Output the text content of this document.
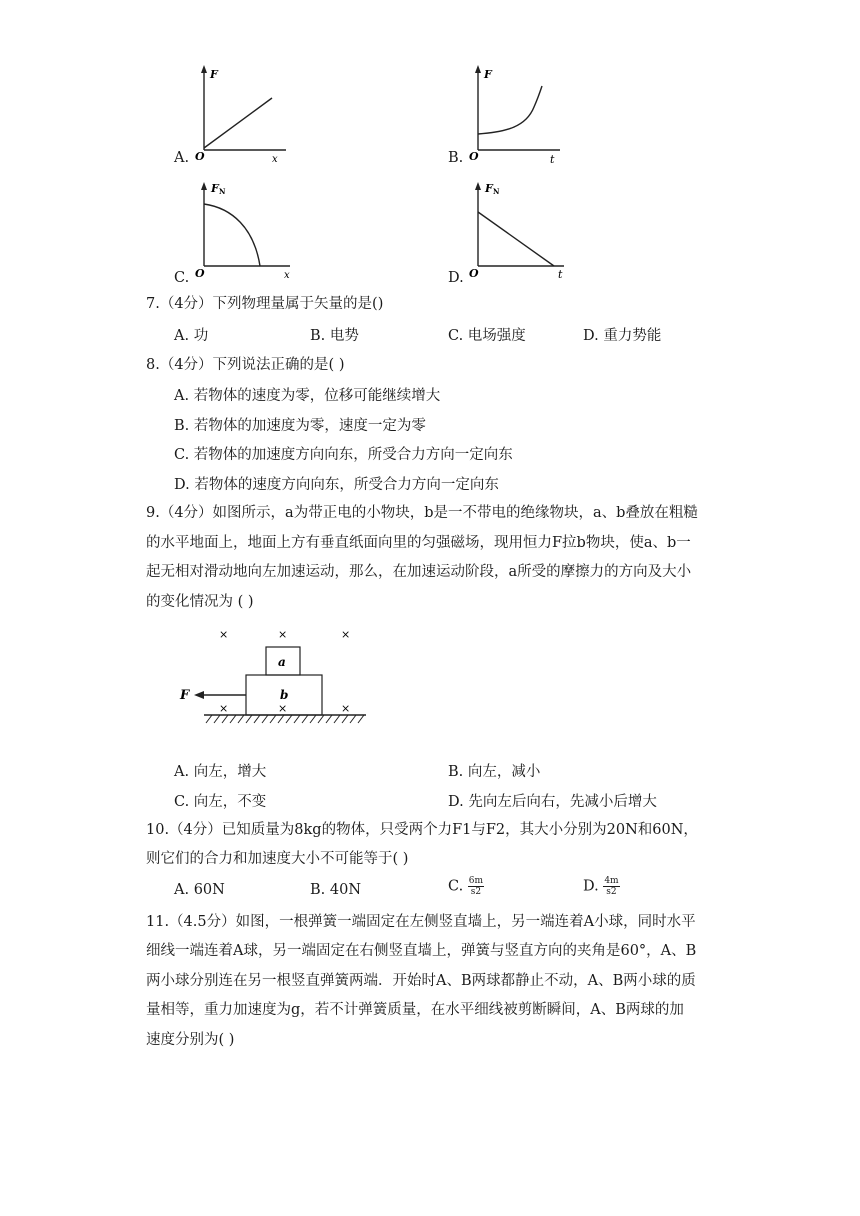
A.
F
O	x	B.
F
O	t
C.
F N
O	x	D.
F N
O	t
7.（4分）下列物理量属于矢量的是()
A. 功	B. 电势	C. 电场强度	D. 重力势能
8.（4分）下列说法正确的是( )
A. 若物体的速度为零，位移可能继续增大
B. 若物体的加速度为零，速度一定为零
C. 若物体的加速度方向向东，所受合力方向一定向东
D. 若物体的速度方向向东，所受合力方向一定向东
9.（4分）如图所示，a为带正电的小物块，b是一不带电的绝缘物块，a、b叠放在粗糙
的水平地面上，地面上方有垂直纸面向里的匀强磁场，现用恒力F拉b物块，使a、b一
起无相对滑动地向左加速运动，那么，在加速运动阶段，a所受的摩擦力的方向及大小
的变化情况为 ( )
×	×	×
a
b
F
×	×	×
A. 向左，增大	B. 向左，减小
C. 向左，不变	D. 先向左后向右，先减小后增大
10.（4分）已知质量为8kg的物体，只受两个力F1与F2，其大小分别为20N和60N，
则它们的合力和加速度大小不可能等于( )
A. 60N	B. 40N	C. $\frac{6m}{s2}$	D. $\frac{4m}{s2}$
11.（4.5分）如图，一根弹簧一端固定在左侧竖直墙上，另一端连着A小球，同时水平
细线一端连着A球，另一端固定在右侧竖直墙上，弹簧与竖直方向的夹角是60°，A、B
两小球分别连在另一根竖直弹簧两端．开始时A、B两球都静止不动，A、B两小球的质
量相等，重力加速度为g，若不计弹簧质量，在水平细线被剪断瞬间，A、B两球的加
速度分别为( )
